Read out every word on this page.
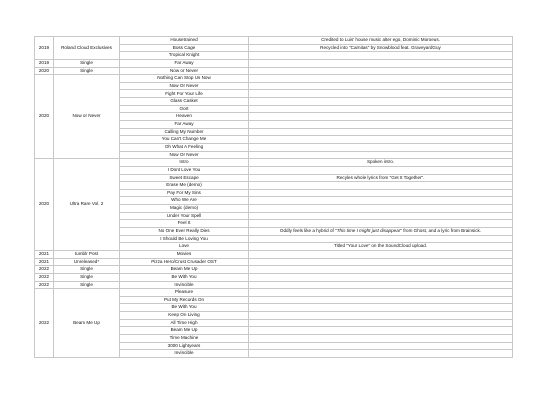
2019	Roland Cloud Exclusives	Housetrained	Credited to Luis' house music alter ego, Dominic Moroeus.
		Boss Cage	Recycled into "Carnitas" by Snowblood feat. GraveyardGuy
		Tropical Knight	
2019	Single	Far Away	
2020	Single	Now or Never	
2020	Now or Never	Nothing Can Stop Us Now	
		Now Or Never	
		Fight For Your Life	
		Glass Casket	
		Oort	
		Heaven	
		Far Away	
		Calling My Number	
		You Can't Change Me	
		Oh What A Feeling	
		Now Or Never	
2020	Ultra Rare Vol. 2	Intro	Spoken intro.
		I Dont Love You	
		Sweet Escape	Recyles whole lyrics from "Get It Together".
		Erase Me (demo)	
		Pay For My Sins	
		Who We Are	
		Magic (demo)	
		Under Your Spell	
		Feel It	
		No One Ever Really Dies	Oddly feels like a hybrid of "This time I might just disappear" from Ghost, and a lyric from Brainsick.
		I Should Be Loving You	
		Love	Titled "Your Love" on the SoundCloud upload.
2021	tumblr Post	Movies	
2021	Unreleased*	Pizza Hero/Crust Crusader OST	
2022	Single	Beam Me Up	
2022	Single	Be With You	
2022	Single	Invincible	
2022	Beam Me Up	Pleasure	
		Put My Records On	
		Be With You	
		Keep On Living	
		All Time High	
		Beam Me Up	
		Time Machine	
		3000 Lightyears	
		Invincible	
